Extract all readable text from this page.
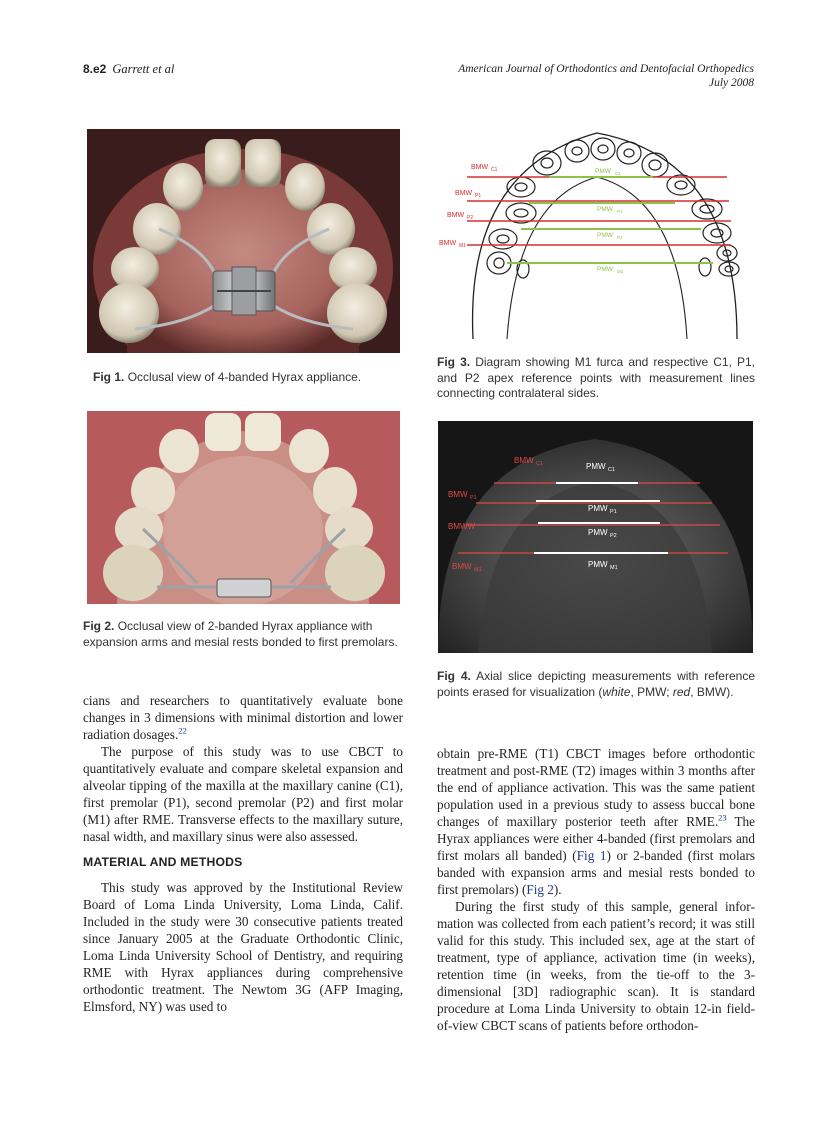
8.e2 Garrett et al	American Journal of Orthodontics and Dentofacial Orthopedics
July 2008
Fig 1. Occlusal view of 4-banded Hyrax appliance.
Fig 2. Occlusal view of 2-banded Hyrax appliance with expansion arms and mesial rests bonded to first premolars.
BMW C1
BMW P1
BMW P2
BMW M1
PMW C1
PMW P1
PMW P2
PMW M1
Fig 3. Diagram showing M1 furca and respective C1, P1, and P2 apex reference points with measurement lines connecting contralateral sides.
BMW C1
BMW P1
BMWW
BMW M1
PMW C1
PMW P1
PMW P2
PMW M1
Fig 4. Axial slice depicting measurements with reference points erased for visualization (white, PMW; red, BMW).

cians and researchers to quantitatively evaluate bone changes in 3 dimensions with minimal distortion and lower radiation dosages.$^{22}$

The purpose of this study was to use CBCT to quantitatively evaluate and compare skeletal expansion and alveolar tipping of the maxilla at the maxillary canine (C1), first premolar (P1), second premolar (P2) and first molar (M1) after RME. Transverse effects to the maxillary suture, nasal width, and maxillary sinus were also assessed.

MATERIAL AND METHODS

This study was approved by the Institutional Review Board of Loma Linda University, Loma Linda, Calif. Included in the study were 30 consecutive patients treated since January 2005 at the Graduate Orthodontic Clinic, Loma Linda University School of Dentistry, and requiring RME with Hyrax appliances during comprehensive orthodontic treatment. The Newtom 3G (AFP Imaging, Elmsford, NY) was used to

obtain pre-RME (T1) CBCT images before orthodontic treatment and post-RME (T2) images within 3 months after the end of appliance activation. This was the same patient population used in a previous study to assess buccal bone changes of maxillary posterior teeth after RME.$^{23}$ The Hyrax appliances were either 4-banded (first premolars and first molars all banded) (Fig 1) or 2-banded (first molars banded with expansion arms and mesial rests bonded to first premolars) (Fig 2).

During the first study of this sample, general information was collected from each patient’s record; it was still valid for this study. This included sex, age at the start of treatment, type of appliance, activation time (in weeks), retention time (in weeks, from the tie-off to the 3-dimensional [3D] radiographic scan). It is standard procedure at Loma Linda University to obtain 12-in field-of-view CBCT scans of patients before orthodon-
